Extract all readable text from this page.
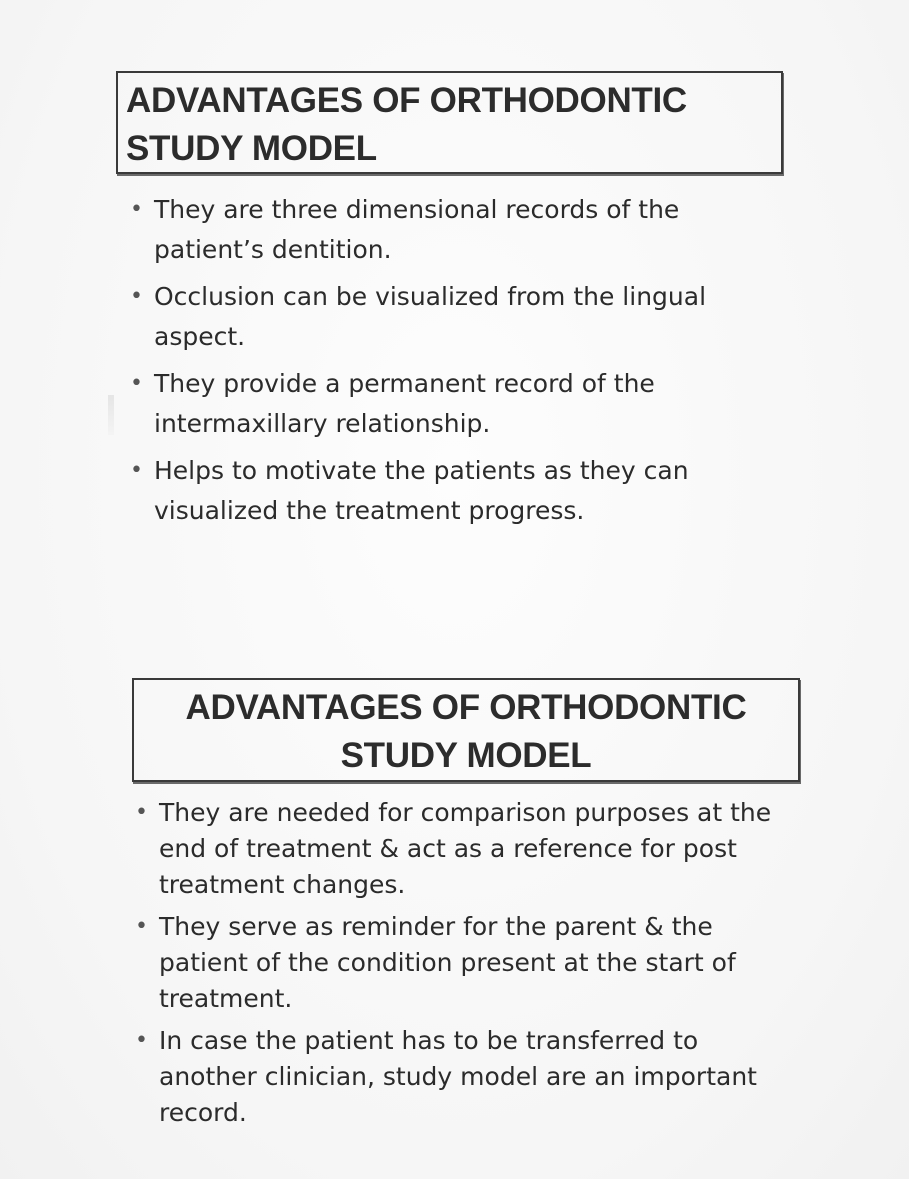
ADVANTAGES OF ORTHODONTIC
STUDY MODEL
• They are three dimensional records of the patient’s dentition.
• Occlusion can be visualized from the lingual aspect.
• They provide a permanent record of the intermaxillary relationship.
• Helps to motivate the patients as they can visualized the treatment progress.
ADVANTAGES OF ORTHODONTIC
STUDY MODEL
• They are needed for comparison purposes at the end of treatment & act as a reference for post treatment changes.
• They serve as reminder for the parent & the patient of the condition present at the start of treatment.
• In case the patient has to be transferred to another clinician, study model are an important record.
